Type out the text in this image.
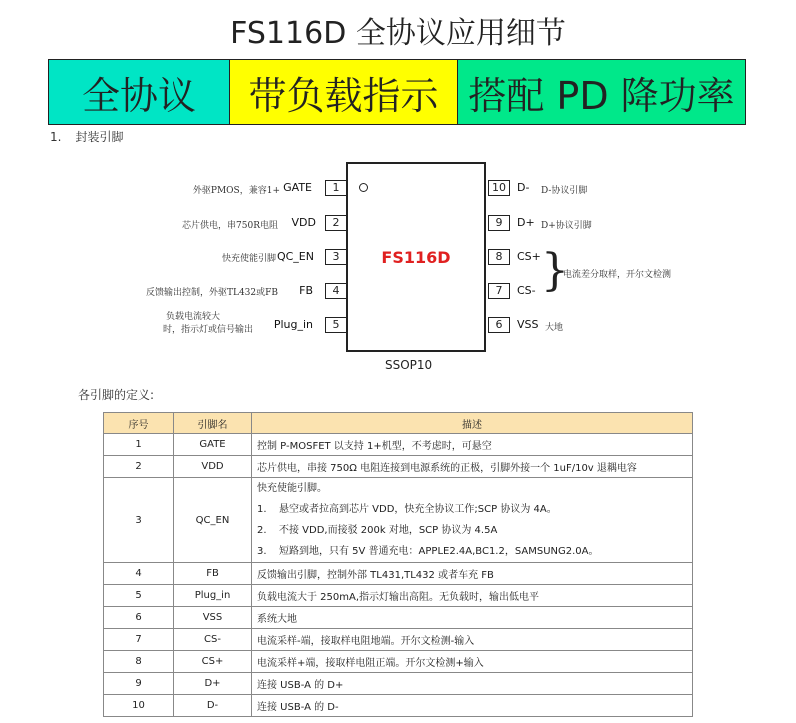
FS116D 全协议应用细节
全协议	带负载指示 搭配 PD 降功率
1. 封装引脚
FS116D
SSOP10
1
GATE
外驱PMOS，兼容1+
2
VDD
芯片供电，串750R电阻
3
QC_EN
快充使能引脚
4
FB
反馈输出控制，外驱TL432或FB
5
Plug_in
负载电流较大
时，指示灯或信号输出
10	D- D-协议引脚
9	D+ D+协议引脚
8	CS+
7	CS- }
电流差分取样，开尔文检测
6	VSS 大地
各引脚的定义:
序号	引脚名	描述
1	GATE	控制 P-MOSFET 以支持 1+机型，不考虑时，可悬空
2	VDD	芯片供电，串接 750Ω 电阻连接到电源系统的正极，引脚外接一个 1uF/10v 退耦电容
3	QC_EN	快充使能引脚。
1. 悬空或者拉高到芯片 VDD，快充全协议工作;SCP 协议为 4A。
2. 不接 VDD,而接驳 200k 对地，SCP 协议为 4.5A
3. 短路到地，只有 5V 普通充电：APPLE2.4A,BC1.2，SAMSUNG2.0A。

4	FB	反馈输出引脚，控制外部 TL431,TL432 或者车充 FB
5	Plug_in	负载电流大于 250mA,指示灯输出高阻。无负载时，输出低电平
6	VSS	系统大地
7	CS-	电流采样-端，接取样电阻地端。开尔文检测-输入
8	CS+	电流采样+端，接取样电阻正端。开尔文检测+输入
9	D+	连接 USB-A 的 D+
10	D-	连接 USB-A 的 D-
